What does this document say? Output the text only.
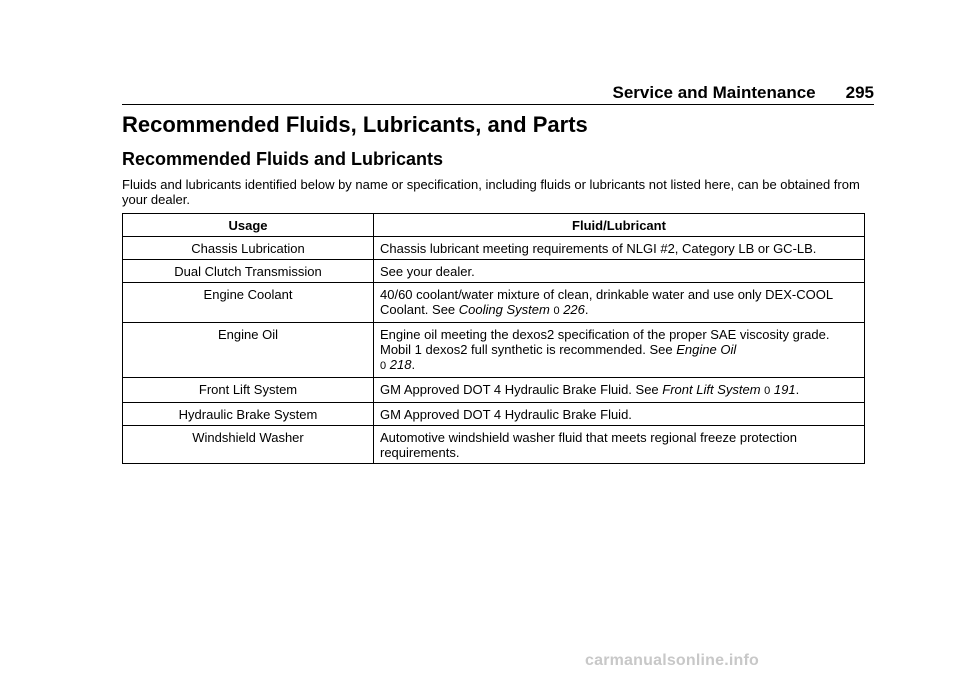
Service and Maintenance 295
Recommended Fluids, Lubricants, and Parts
Recommended Fluids and Lubricants

Fluids and lubricants identified below by name or specification, including fluids or lubricants not listed here, can be obtained from your dealer.

Usage	Fluid/Lubricant
Chassis Lubrication	Chassis lubricant meeting requirements of NLGI #2, Category LB or GC-LB.
Dual Clutch Transmission	See your dealer.
Engine Coolant	40/60 coolant/water mixture of clean, drinkable water and use only DEX-COOL Coolant. See Cooling System 0 226.
Engine Oil	Engine oil meeting the dexos2 specification of the proper SAE viscosity grade. Mobil 1 dexos2 full synthetic is recommended. See Engine Oil
0 218.
Front Lift System	GM Approved DOT 4 Hydraulic Brake Fluid. See Front Lift System 0 191.
Hydraulic Brake System	GM Approved DOT 4 Hydraulic Brake Fluid.
Windshield Washer	Automotive windshield washer fluid that meets regional freeze protection requirements.
carmanualsonline.info
